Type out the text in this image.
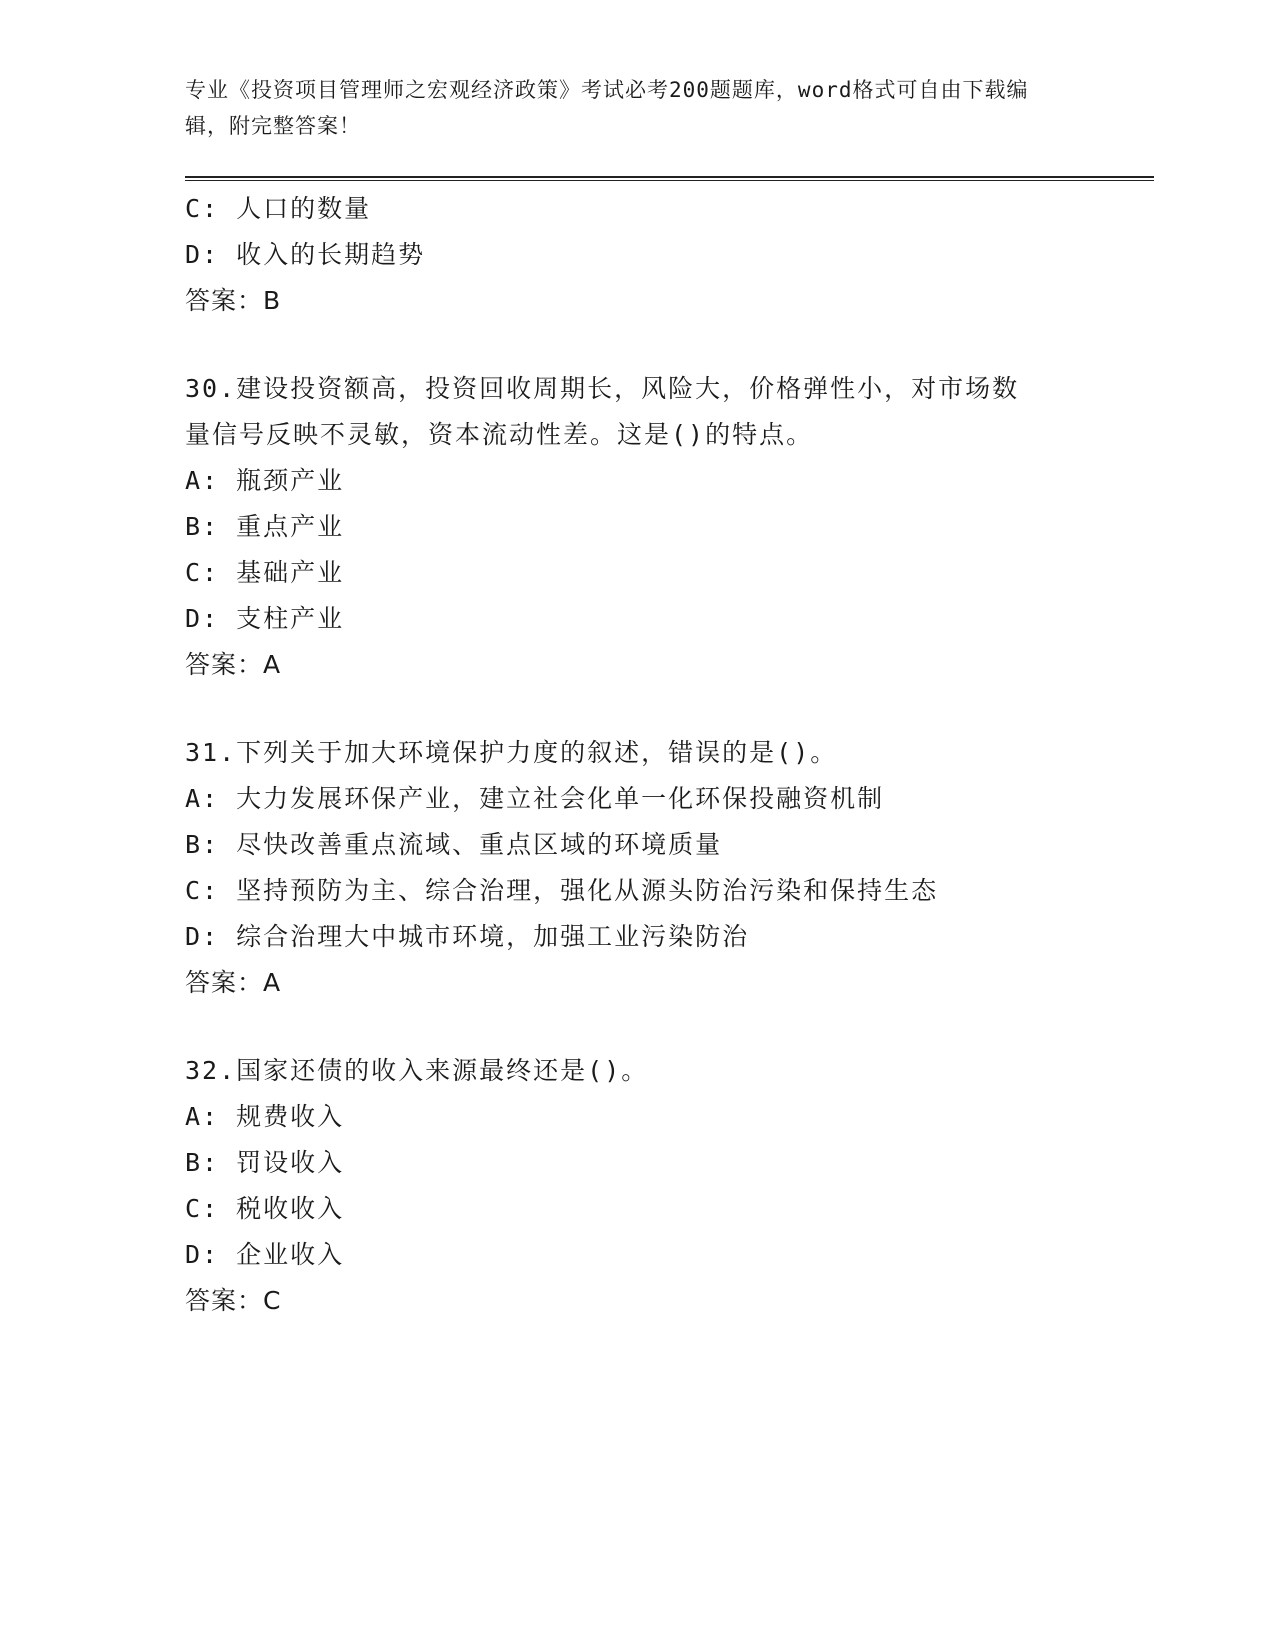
专业《投资项目管理师之宏观经济政策》考试必考200题题库，word格式可自由下载编辑，附完整答案！
C: 人口的数量
D: 收入的长期趋势
答案：B
30.建设投资额高，投资回收周期长，风险大，价格弹性小，对市场数
量信号反映不灵敏，资本流动性差。这是()的特点。
A: 瓶颈产业
B: 重点产业
C: 基础产业
D: 支柱产业
答案：A
31.下列关于加大环境保护力度的叙述，错误的是()。
A: 大力发展环保产业，建立社会化单一化环保投融资机制
B: 尽快改善重点流域、重点区域的环境质量
C: 坚持预防为主、综合治理，强化从源头防治污染和保持生态
D: 综合治理大中城市环境，加强工业污染防治
答案：A
32.国家还债的收入来源最终还是()。
A: 规费收入
B: 罚设收入
C: 税收收入
D: 企业收入
答案：C
